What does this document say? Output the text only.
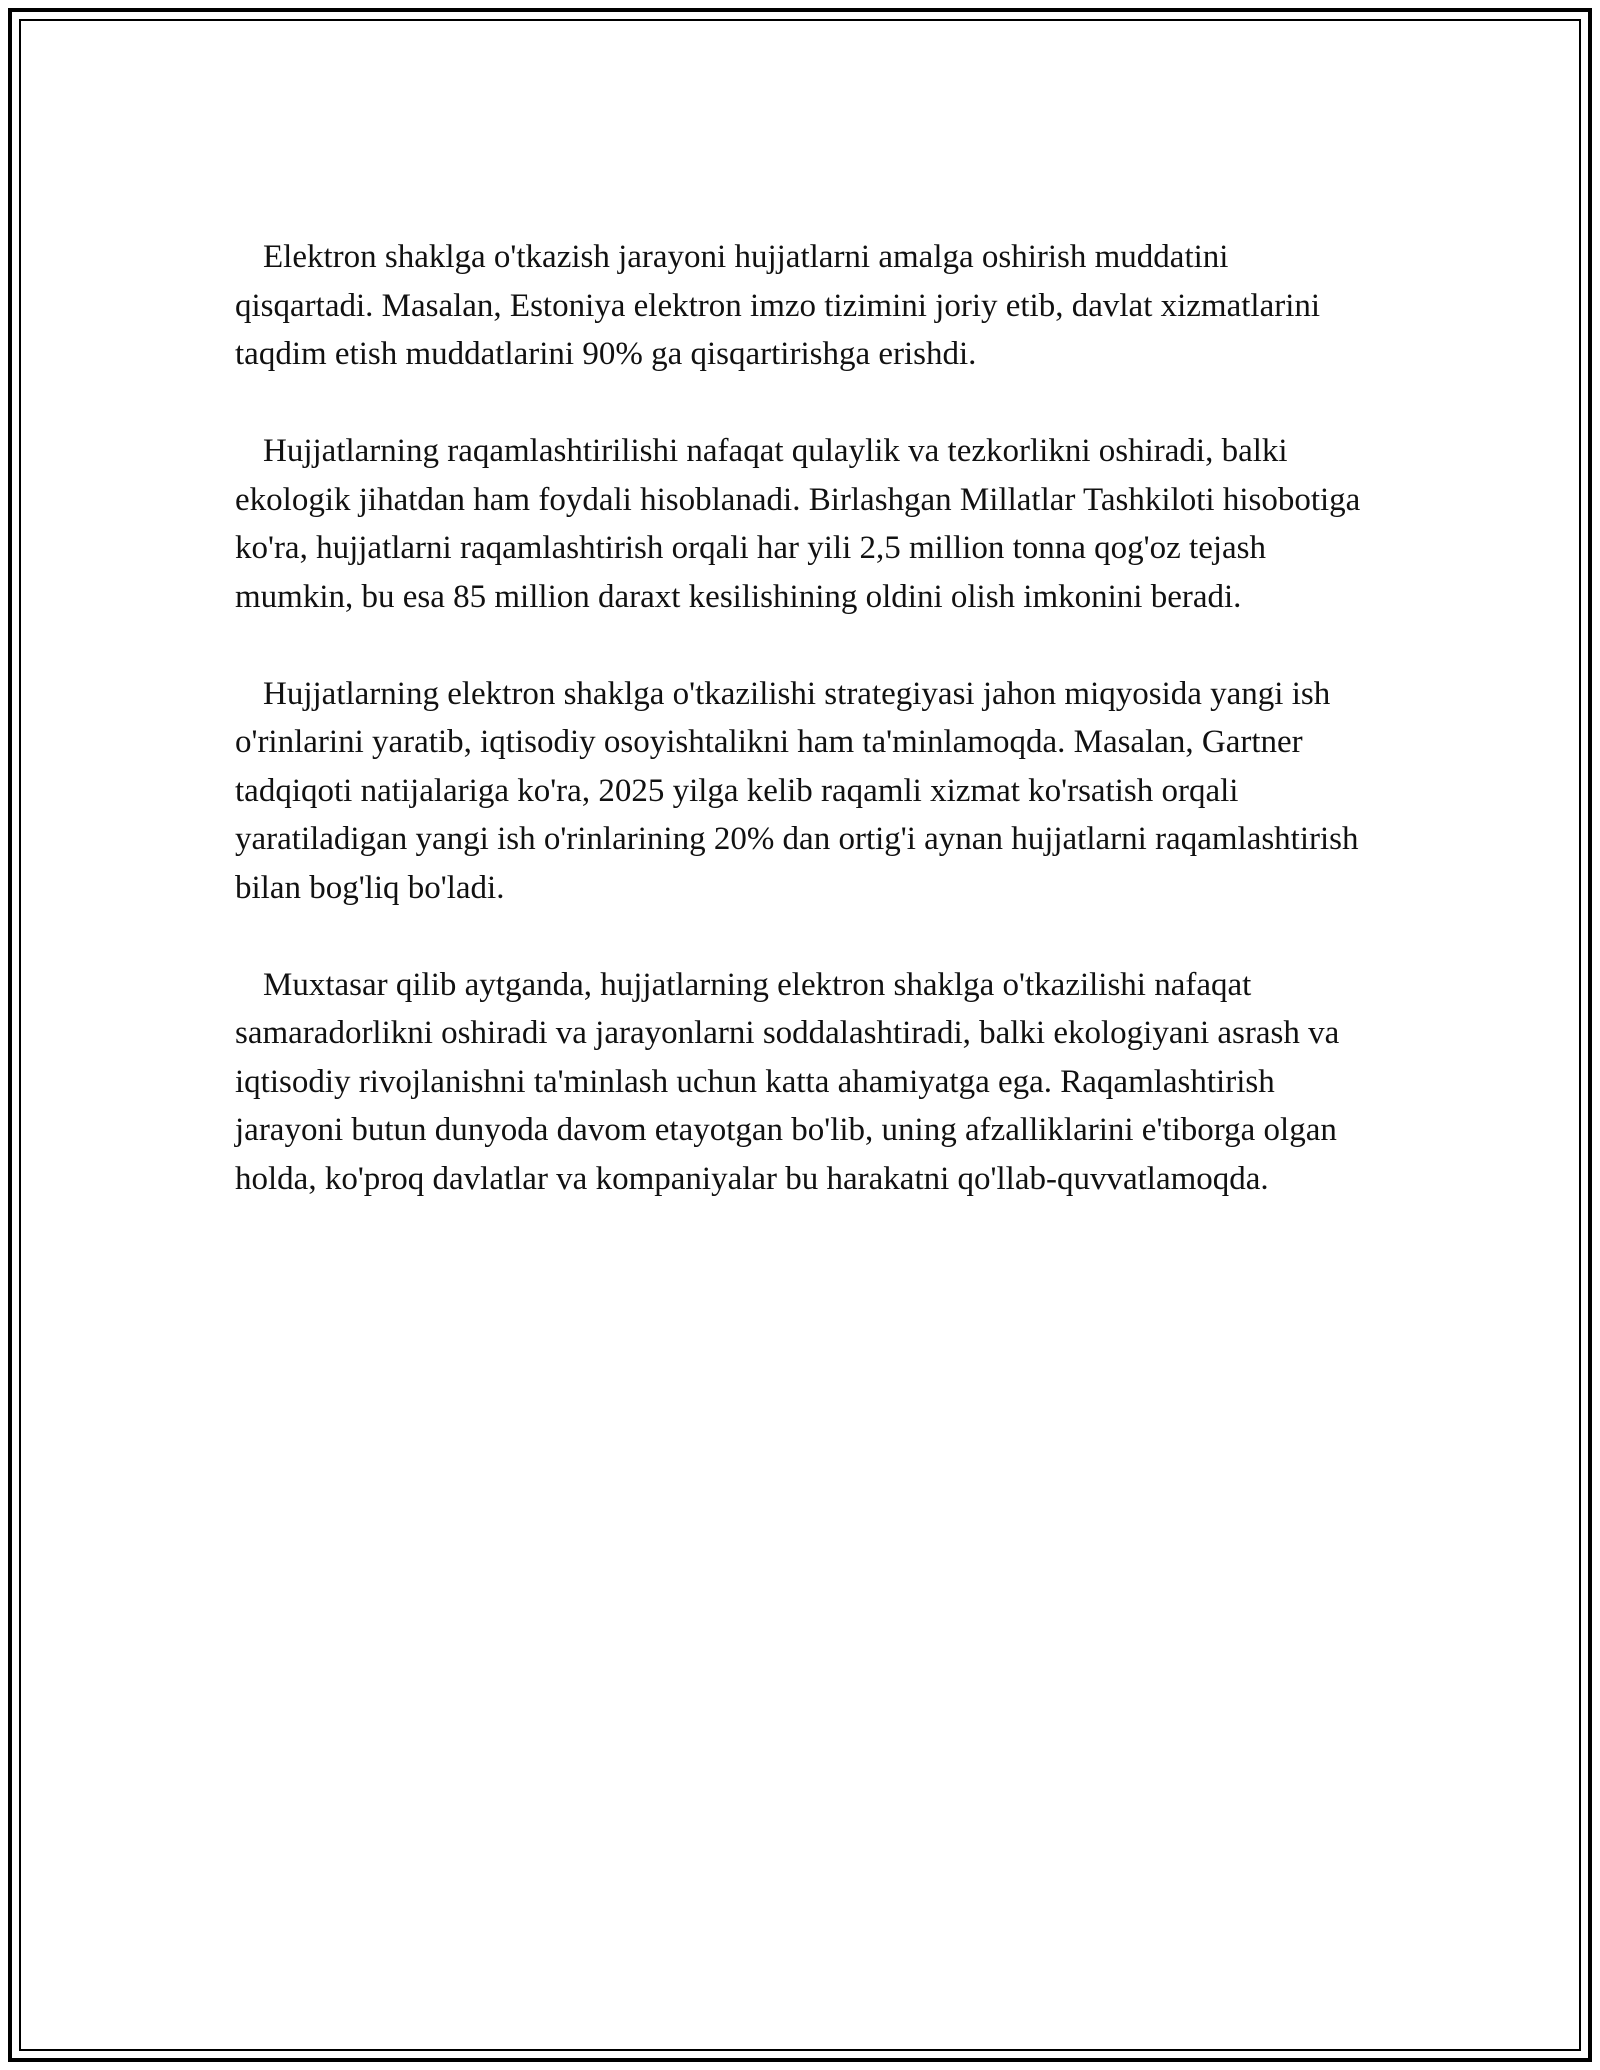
Elektron shaklga o'tkazish jarayoni hujjatlarni amalga oshirish muddatini qisqartadi. Masalan, Estoniya elektron imzo tizimini joriy etib, davlat xizmatlarini taqdim etish muddatlarini 90% ga qisqartirishga erishdi.

Hujjatlarning raqamlashtirilishi nafaqat qulaylik va tezkorlikni oshiradi, balki ekologik jihatdan ham foydali hisoblanadi. Birlashgan Millatlar Tashkiloti hisobotiga ko'ra, hujjatlarni raqamlashtirish orqali har yili 2,5 million tonna qog'oz tejash mumkin, bu esa 85 million daraxt kesilishining oldini olish imkonini beradi.

Hujjatlarning elektron shaklga o'tkazilishi strategiyasi jahon miqyosida yangi ish o'rinlarini yaratib, iqtisodiy osoyishtalikni ham ta'minlamoqda. Masalan, Gartner tadqiqoti natijalariga ko'ra, 2025 yilga kelib raqamli xizmat ko'rsatish orqali yaratiladigan yangi ish o'rinlarining 20% dan ortig'i aynan hujjatlarni raqamlashtirish bilan bog'liq bo'ladi.

Muxtasar qilib aytganda, hujjatlarning elektron shaklga o'tkazilishi nafaqat samaradorlikni oshiradi va jarayonlarni soddalashtiradi, balki ekologiyani asrash va iqtisodiy rivojlanishni ta'minlash uchun katta ahamiyatga ega. Raqamlashtirish jarayoni butun dunyoda davom etayotgan bo'lib, uning afzalliklarini e'tiborga olgan holda, ko'proq davlatlar va kompaniyalar bu harakatni qo'llab-quvvatlamoqda.
